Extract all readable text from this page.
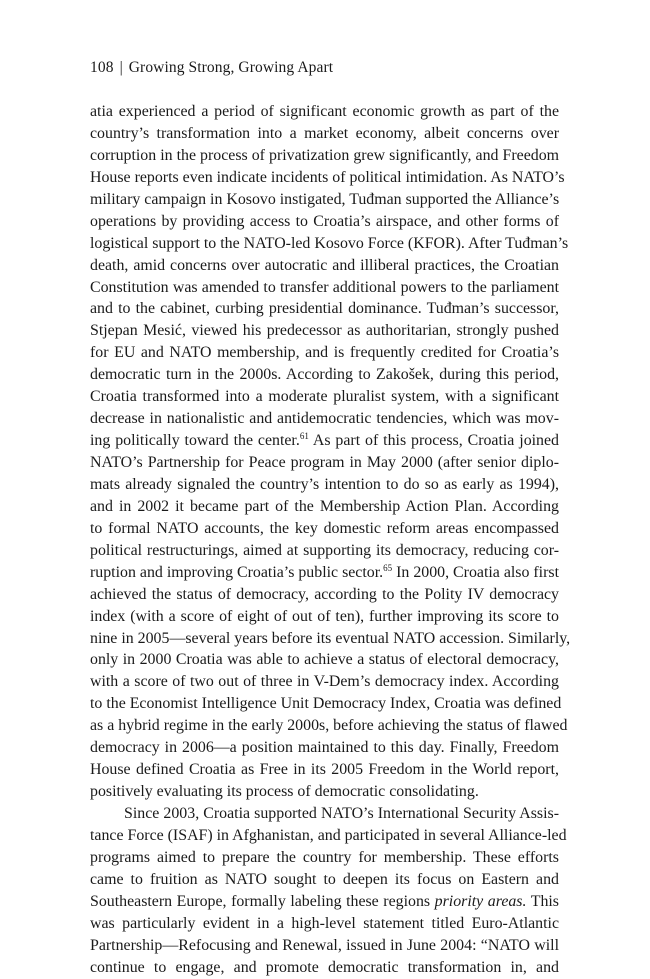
108 | Growing Strong, Growing Apart
atia experienced a period of significant economic growth as part of the
country’s transformation into a market economy, albeit concerns over
corruption in the process of privatization grew significantly, and Freedom
House reports even indicate incidents of political intimidation. As NATO’s
military campaign in Kosovo instigated, Tuđman supported the Alliance’s
operations by providing access to Croatia’s airspace, and other forms of
logistical support to the NATO-led Kosovo Force (KFOR). After Tuđman’s
death, amid concerns over autocratic and illiberal practices, the Croatian
Constitution was amended to transfer additional powers to the parliament
and to the cabinet, curbing presidential dominance. Tuđman’s successor,
Stjepan Mesić, viewed his predecessor as authoritarian, strongly pushed
for EU and NATO membership, and is frequently credited for Croatia’s
democratic turn in the 2000s. According to Zakošek, during this period,
Croatia transformed into a moderate pluralist system, with a significant
decrease in nationalistic and antidemocratic tendencies, which was mov-
ing politically toward the center.$^{61}$ As part of this process, Croatia joined
NATO’s Partnership for Peace program in May 2000 (after senior diplo-
mats already signaled the country’s intention to do so as early as 1994),
and in 2002 it became part of the Membership Action Plan. According
to formal NATO accounts, the key domestic reform areas encompassed
political restructurings, aimed at supporting its democracy, reducing cor-
ruption and improving Croatia’s public sector.$^{65}$ In 2000, Croatia also first
achieved the status of democracy, according to the Polity IV democracy
index (with a score of eight of out of ten), further improving its score to
nine in 2005—several years before its eventual NATO accession. Similarly,
only in 2000 Croatia was able to achieve a status of electoral democracy,
with a score of two out of three in V-Dem’s democracy index. According
to the Economist Intelligence Unit Democracy Index, Croatia was defined
as a hybrid regime in the early 2000s, before achieving the status of flawed
democracy in 2006—a position maintained to this day. Finally, Freedom
House defined Croatia as Free in its 2005 Freedom in the World report,
positively evaluating its process of democratic consolidating.
Since 2003, Croatia supported NATO’s International Security Assis-
tance Force (ISAF) in Afghanistan, and participated in several Alliance-led
programs aimed to prepare the country for membership. These efforts
came to fruition as NATO sought to deepen its focus on Eastern and
Southeastern Europe, formally labeling these regions priority areas. This
was particularly evident in a high-level statement titled Euro-Atlantic
Partnership—Refocusing and Renewal, issued in June 2004: “NATO will
continue to engage, and promote democratic transformation in, and
